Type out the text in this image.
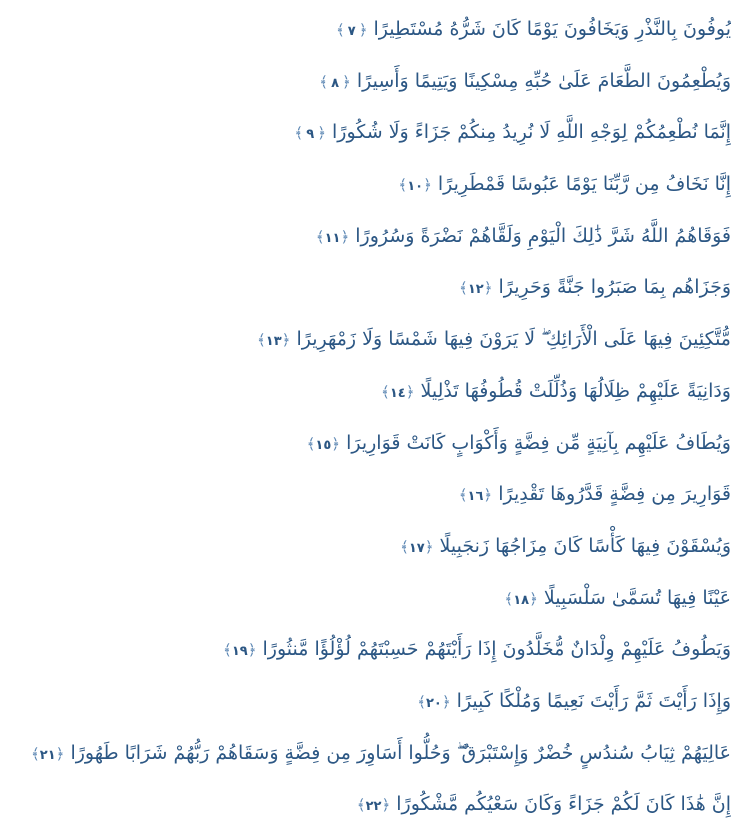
يُوفُونَ بِالنَّذْرِ وَيَخَافُونَ يَوْمًا كَانَ شَرُّهُ مُسْتَطِيرًا﴿٧﴾
وَيُطْعِمُونَ الطَّعَامَ عَلَىٰ حُبِّهِ مِسْكِينًا وَيَتِيمًا وَأَسِيرًا﴿٨﴾
إِنَّمَا نُطْعِمُكُمْ لِوَجْهِ اللَّهِ لَا نُرِيدُ مِنكُمْ جَزَاءً وَلَا شُكُورًا﴿٩﴾
إِنَّا نَخَافُ مِن رَّبِّنَا يَوْمًا عَبُوسًا قَمْطَرِيرًا﴿١٠﴾
فَوَقَاهُمُ اللَّهُ شَرَّ ذَٰلِكَ الْيَوْمِ وَلَقَّاهُمْ نَضْرَةً وَسُرُورًا﴿١١﴾
وَجَزَاهُم بِمَا صَبَرُوا جَنَّةً وَحَرِيرًا﴿١٢﴾
مُّتَّكِئِينَ فِيهَا عَلَى الْأَرَائِكِ ۖ لَا يَرَوْنَ فِيهَا شَمْسًا وَلَا زَمْهَرِيرًا﴿١٣﴾
وَدَانِيَةً عَلَيْهِمْ ظِلَالُهَا وَذُلِّلَتْ قُطُوفُهَا تَذْلِيلًا﴿١٤﴾
وَيُطَافُ عَلَيْهِم بِآنِيَةٍ مِّن فِضَّةٍ وَأَكْوَابٍ كَانَتْ قَوَارِيرَا﴿١٥﴾
قَوَارِيرَ مِن فِضَّةٍ قَدَّرُوهَا تَقْدِيرًا﴿١٦﴾
وَيُسْقَوْنَ فِيهَا كَأْسًا كَانَ مِزَاجُهَا زَنجَبِيلًا﴿١٧﴾
عَيْنًا فِيهَا تُسَمَّىٰ سَلْسَبِيلًا﴿١٨﴾
وَيَطُوفُ عَلَيْهِمْ وِلْدَانٌ مُّخَلَّدُونَ إِذَا رَأَيْتَهُمْ حَسِبْتَهُمْ لُؤْلُؤًا مَّنثُورًا﴿١٩﴾
وَإِذَا رَأَيْتَ ثَمَّ رَأَيْتَ نَعِيمًا وَمُلْكًا كَبِيرًا﴿٢٠﴾
عَالِيَهُمْ ثِيَابُ سُندُسٍ خُضْرٌ وَإِسْتَبْرَقٌ ۖ وَحُلُّوا أَسَاوِرَ مِن فِضَّةٍ وَسَقَاهُمْ رَبُّهُمْ شَرَابًا طَهُورًا﴿٢١﴾
إِنَّ هَٰذَا كَانَ لَكُمْ جَزَاءً وَكَانَ سَعْيُكُم مَّشْكُورًا﴿٢٢﴾
